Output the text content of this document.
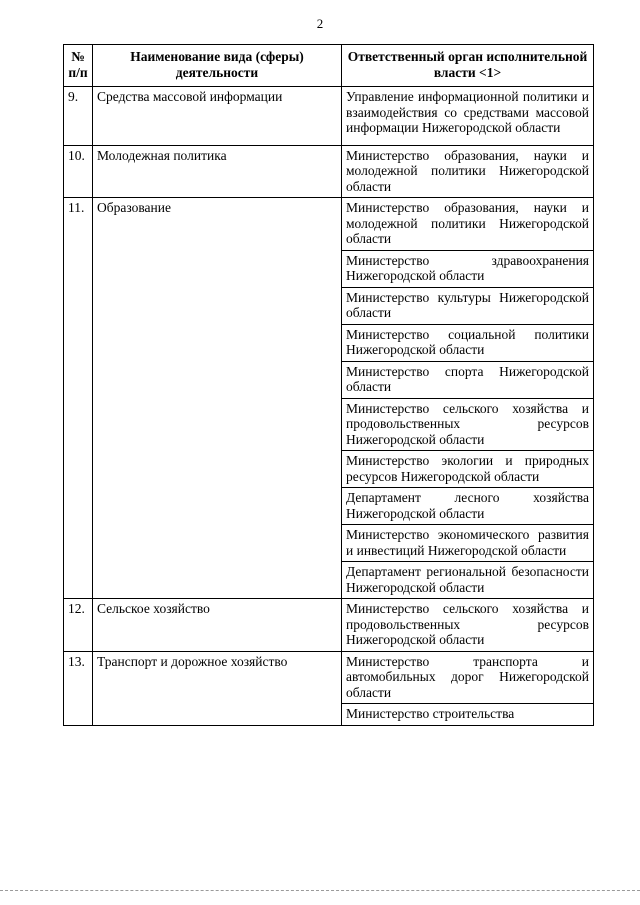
2
№ п/п	Наименование вида (сферы) деятельности	Ответственный орган исполнительной власти <1>
9.	Средства массовой информации	Управление информационной политики и взаимодействия со средствами массовой информации Нижегородской области

10.	Молодежная политика	Министерство образования, науки и молодежной политики Нижегородской области

11.	Образование	Министерство образования, науки и молодежной политики Нижегородской области
		Министерство здравоохранения Нижегородской области
		Министерство культуры Нижегородской области
		Министерство социальной политики Нижегородской области
		Министерство спорта Нижегородской области
		Министерство сельского хозяйства и продовольственных ресурсов Нижегородской области
		Министерство экологии и природных ресурсов Нижегородской области
		Департамент лесного хозяйства Нижегородской области
		Министерство экономического развития и инвестиций Нижегородской области
		Департамент региональной безопасности Нижегородской области
12.	Сельское хозяйство	Министерство сельского хозяйства и продовольственных ресурсов Нижегородской области
13.	Транспорт и дорожное хозяйство	Министерство транспорта и автомобильных дорог Нижегородской области
		Министерство строительства
